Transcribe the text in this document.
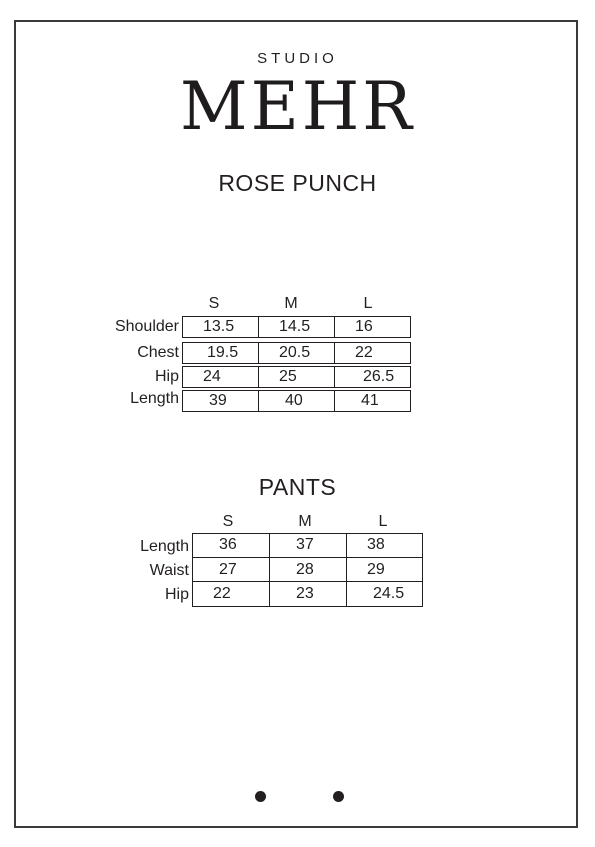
STUDIO
MEHR
ROSE PUNCH
S	M	L
Shoulder	13.5	14.5	16
Chest	19.5	20.5	22
Hip	24	25	26.5
Length	39	40	41
PANTS
S	M	L
Length	36	37	38
Waist	27	28	29
Hip	22	23	24.5
